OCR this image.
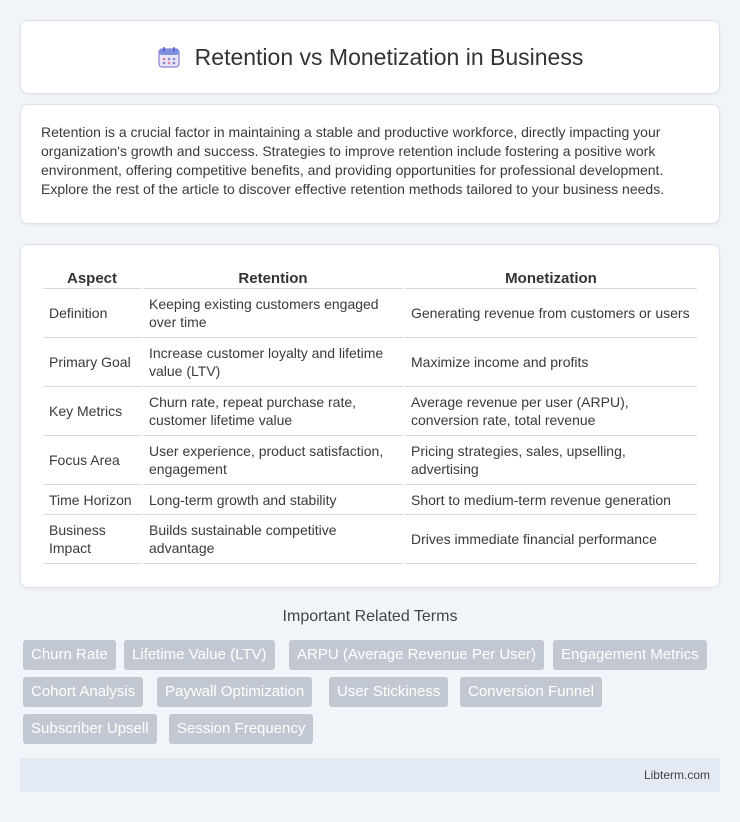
Retention vs Monetization in Business

Retention is a crucial factor in maintaining a stable and productive workforce, directly impacting your organization's growth and success. Strategies to improve retention include fostering a positive work environment, offering competitive benefits, and providing opportunities for professional development. Explore the rest of the article to discover effective retention methods tailored to your business needs.

Aspect	Retention	Monetization
Definition	Keeping existing customers engaged over time	Generating revenue from customers or users
Primary Goal	Increase customer loyalty and lifetime value (LTV)	Maximize income and profits
Key Metrics	Churn rate, repeat purchase rate, customer lifetime value	Average revenue per user (ARPU), conversion rate, total revenue
Focus Area	User experience, product satisfaction, engagement	Pricing strategies, sales, upselling, advertising
Time Horizon	Long-term growth and stability	Short to medium-term revenue generation
Business Impact	Builds sustainable competitive advantage	Drives immediate financial performance
Important Related Terms
Churn Rate	Lifetime Value (LTV)	ARPU (Average Revenue Per User)	Engagement Metrics
Cohort Analysis	Paywall Optimization	User Stickiness	Conversion Funnel
Subscriber Upsell	Session Frequency
Libterm.com
